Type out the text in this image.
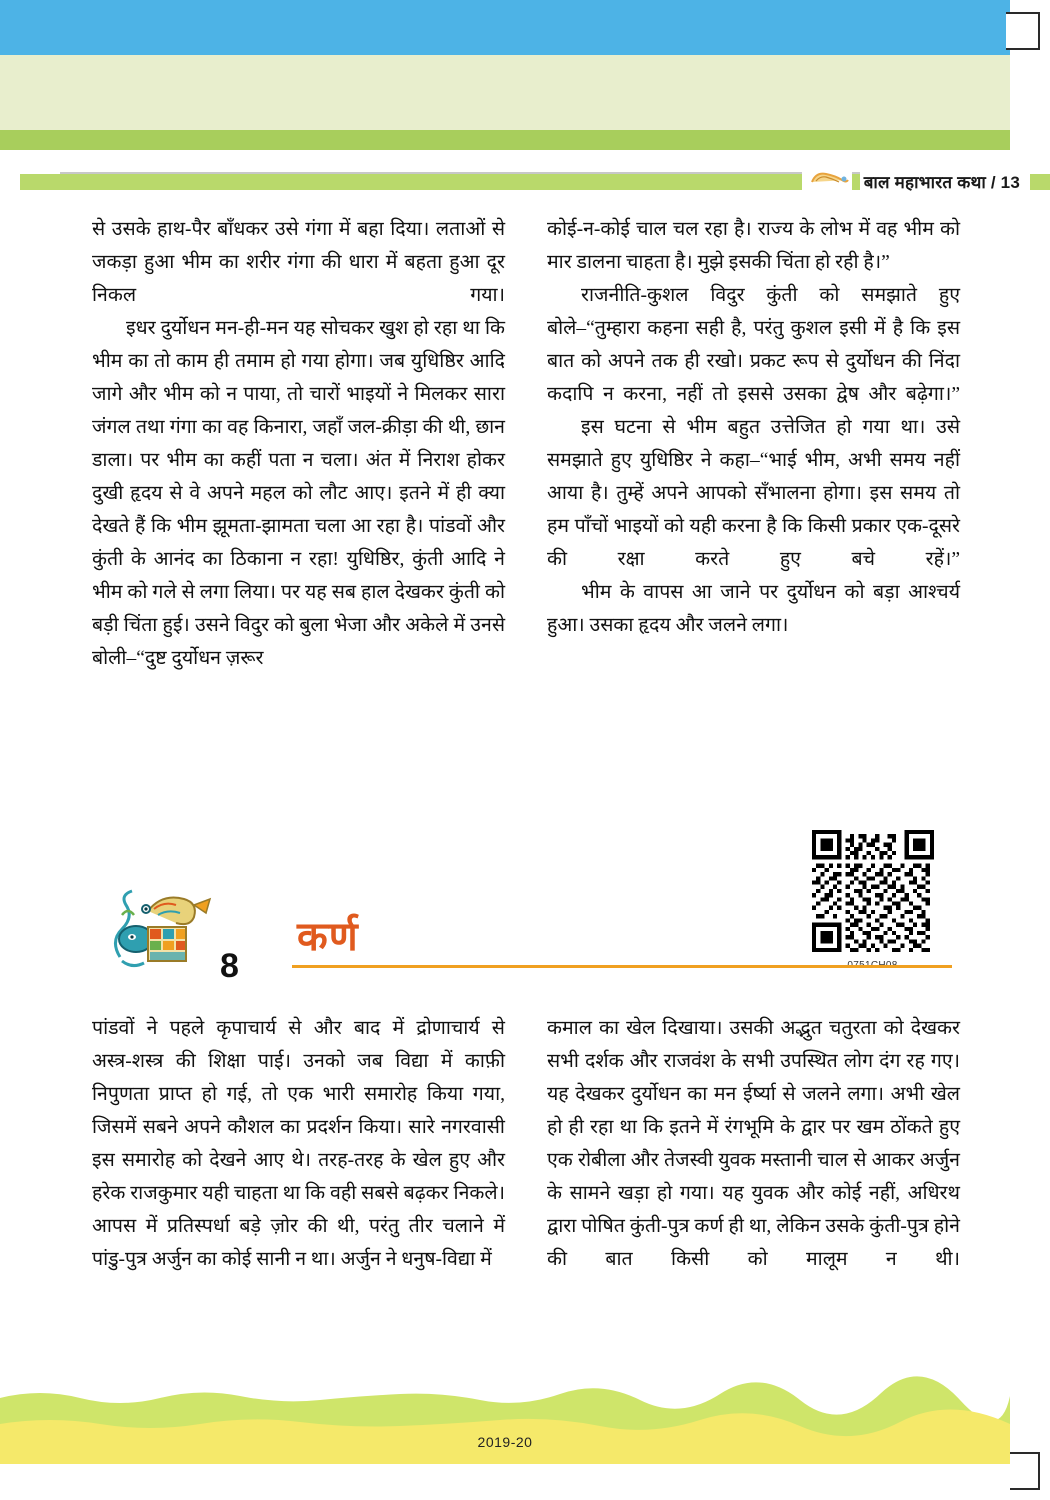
बाल महाभारत कथा / 13

से उसके हाथ‑पैर बाँधकर उसे गंगा में बहा दिया। लताओं से जकड़ा हुआ भीम का शरीर गंगा की धारा में बहता हुआ दूर निकल गया।

इधर दुर्योधन मन‑ही‑मन यह सोचकर खुश हो रहा था कि भीम का तो काम ही तमाम हो गया होगा। जब युधिष्ठिर आदि जागे और भीम को न पाया, तो चारों भाइयों ने मिलकर सारा जंगल तथा गंगा का वह किनारा, जहाँ जल‑क्रीड़ा की थी, छान डाला। पर भीम का कहीं पता न चला। अंत में निराश होकर दुखी हृदय से वे अपने महल को लौट आए। इतने में ही क्या देखते हैं कि भीम झूमता‑झामता चला आ रहा है। पांडवों और कुंती के आनंद का ठिकाना न रहा! युधिष्ठिर, कुंती आदि ने भीम को गले से लगा लिया। पर यह सब हाल देखकर कुंती को बड़ी चिंता हुई। उसने विदुर को बुला भेजा और अकेले में उनसे बोली–“दुष्ट दुर्योधन ज़रूर

कोई‑न‑कोई चाल चल रहा है। राज्य के लोभ में वह भीम को मार डालना चाहता है। मुझे इसकी चिंता हो रही है।”

राजनीति‑कुशल विदुर कुंती को समझाते हुए बोले–“तुम्हारा कहना सही है, परंतु कुशल इसी में है कि इस बात को अपने तक ही रखो। प्रकट रूप से दुर्योधन की निंदा कदापि न करना, नहीं तो इससे उसका द्वेष और बढ़ेगा।”

इस घटना से भीम बहुत उत्तेजित हो गया था। उसे समझाते हुए युधिष्ठिर ने कहा–“भाई भीम, अभी समय नहीं आया है। तुम्हें अपने आपको सँभालना होगा। इस समय तो हम पाँचों भाइयों को यही करना है कि किसी प्रकार एक‑दूसरे की रक्षा करते हुए बचे रहें।”

भीम के वापस आ जाने पर दुर्योधन को बड़ा आश्चर्य हुआ। उसका हृदय और जलने लगा।

8
कर्ण

पांडवों ने पहले कृपाचार्य से और बाद में द्रोणाचार्य से अस्त्र‑शस्त्र की शिक्षा पाई। उनको जब विद्या में काफ़ी निपुणता प्राप्त हो गई, तो एक भारी समारोह किया गया, जिसमें सबने अपने कौशल का प्रदर्शन किया। सारे नगरवासी इस समारोह को देखने आए थे। तरह‑तरह के खेल हुए और हरेक राजकुमार यही चाहता था कि वही सबसे बढ़कर निकले। आपस में प्रतिस्पर्धा बड़े ज़ोर की थी, परंतु तीर चलाने में पांडु‑पुत्र अर्जुन का कोई सानी न था। अर्जुन ने धनुष‑विद्या में

कमाल का खेल दिखाया। उसकी अद्भुत चतुरता को देखकर सभी दर्शक और राजवंश के सभी उपस्थित लोग दंग रह गए। यह देखकर दुर्योधन का मन ईर्ष्या से जलने लगा। अभी खेल हो ही रहा था कि इतने में रंगभूमि के द्वार पर खम ठोंकते हुए एक रोबीला और तेजस्वी युवक मस्तानी चाल से आकर अर्जुन के सामने खड़ा हो गया। यह युवक और कोई नहीं, अधिरथ द्वारा पोषित कुंती‑पुत्र कर्ण ही था, लेकिन उसके कुंती‑पुत्र होने की बात किसी को मालूम न थी।

2019-20
